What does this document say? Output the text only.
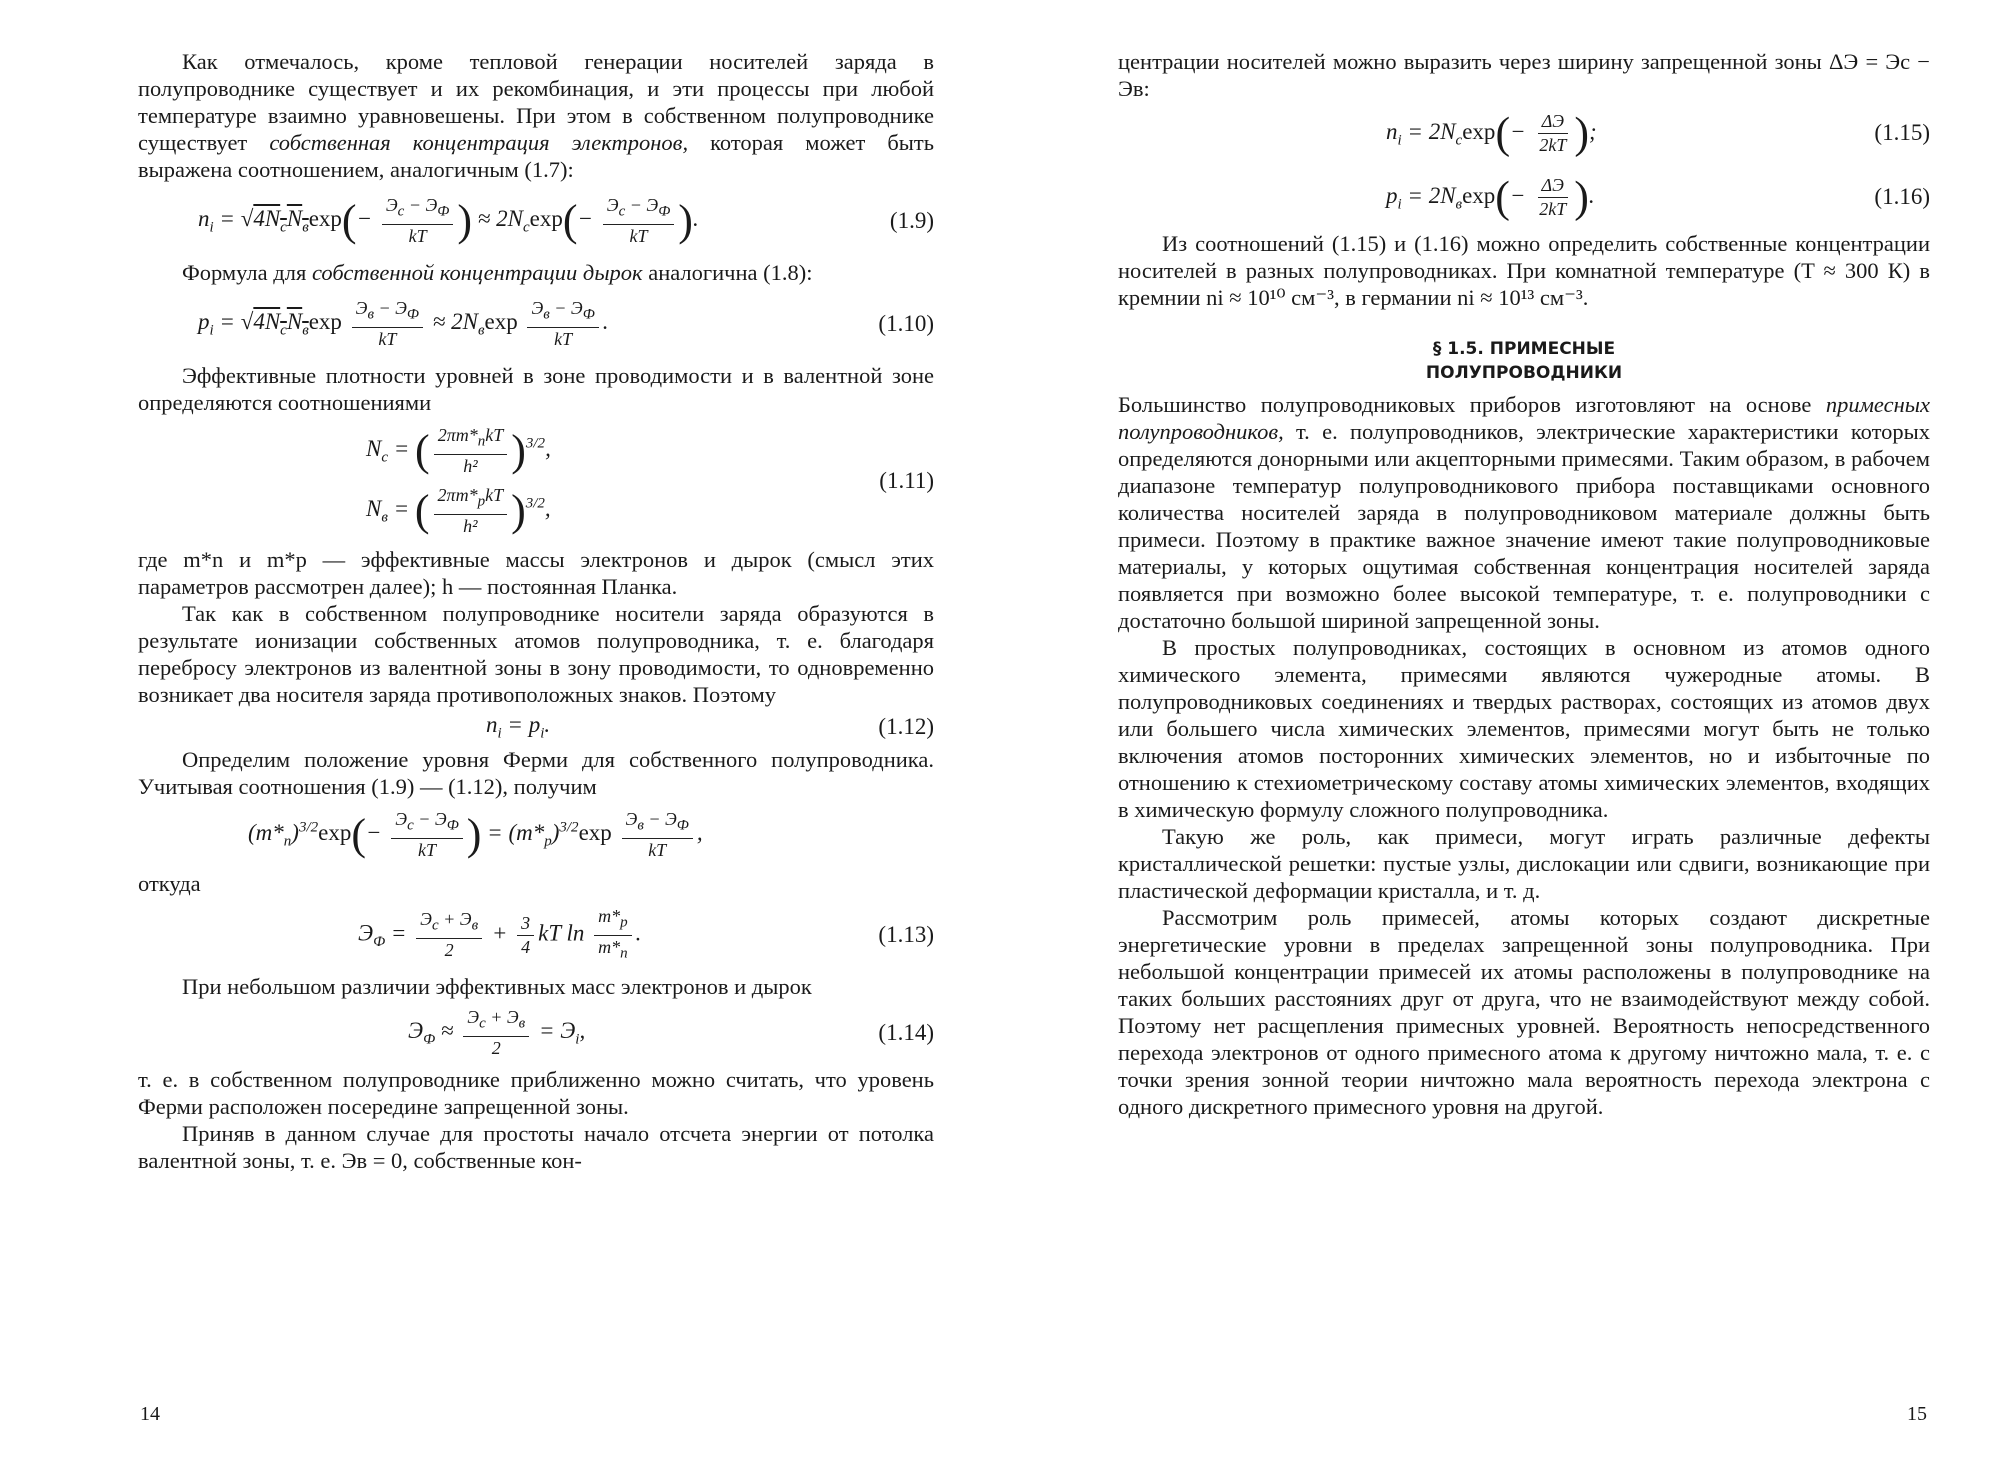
Как отмечалось, кроме тепловой генерации носителей заряда в полупроводнике существует и их рекомбинация, и эти процессы при любой температуре взаимно уравновешены. При этом в собственном полупроводнике существует собственная концентрация электронов, которая может быть выражена соотношением, аналогичным (1.7):

$n_i = √4N_cN_в\exp(- \frac{Э_c - Э_Ф}{kT}$ ) ≈ $2N_c\exp(- \frac{Э_c - Э_Ф}{kT}$ ).	(1.9)

Формула для собственной концентрации дырок аналогична (1.8):

$p_i = √4N_cN_в\exp \frac{Э_в - Э_Ф}{kT} \approx 2N_в\exp \frac{Э_в - Э_Ф}{kT}$ .	(1.10)

Эффективные плотности уровней в зоне проводимости и в валентной зоне определяются соотношениями

$N_c$ = ( $\frac{2\pi m*_nkT}{\text{h²}} )^{3/2}$,
$N_в$ = ( $\frac{2\pi m*_pkT}{\text{h²}} )^{3/2}$,
(1.11)

где m*n и m*p — эффективные массы электронов и дырок (смысл этих параметров рассмотрен далее); h — постоянная Планка.

Так как в собственном полупроводнике носители заряда образуются в результате ионизации собственных атомов полупроводника, т. е. благодаря перебросу электронов из валентной зоны в зону проводимости, то одновременно возникает два носителя заряда противоположных знаков. Поэтому

$n_i = p_i$.	(1.12)

Определим положение уровня Ферми для собственного полупроводника. Учитывая соотношения (1.9) — (1.12), получим

$(m*_n)^{3/2}\exp(- \frac{Э_c - Э_Ф}{kT}$ ) = $(m*_p)^{3/2}\exp \frac{Э_в - Э_Ф}{kT}$ ,

откуда

$Э_Ф = \frac{Э_c + Э_в}{2} + \frac{3}{4}$ kT $\ln \frac{m*_p}{m*_n}$ .	(1.13)

При небольшом различии эффективных масс электронов и дырок

$Э_Ф \approx \frac{Э_c + Э_в}{2} = Э_i$,	(1.14)

т. е. в собственном полупроводнике приближенно можно считать, что уровень Ферми расположен посередине запрещенной зоны.

Приняв в данном случае для простоты начало отсчета энергии от потолка валентной зоны, т. е. Эв = 0, собственные кон-

14

центрации носителей можно выразить через ширину запрещенной зоны ΔЭ = Эс − Эв:

$n_i = 2N_c\exp(- \frac{\Delta Э}{2kT}$ );	(1.15)
$p_i = 2N_в\exp(- \frac{\Delta Э}{2kT}$ ).	(1.16)

Из соотношений (1.15) и (1.16) можно определить собственные концентрации носителей в разных полупроводниках. При комнатной температуре (T ≈ 300 К) в кремнии ni ≈ 10¹⁰ см⁻³, в германии ni ≈ 10¹³ см⁻³.

§ 1.5. ПРИМЕСНЫЕ
ПОЛУПРОВОДНИКИ

Большинство полупроводниковых приборов изготовляют на основе примесных полупроводников, т. е. полупроводников, электрические характеристики которых определяются донорными или акцепторными примесями. Таким образом, в рабочем диапазоне температур полупроводникового прибора поставщиками основного количества носителей заряда в полупроводниковом материале должны быть примеси. Поэтому в практике важное значение имеют такие полупроводниковые материалы, у которых ощутимая собственная концентрация носителей заряда появляется при возможно более высокой температуре, т. е. полупроводники с достаточно большой шириной запрещенной зоны.

В простых полупроводниках, состоящих в основном из атомов одного химического элемента, примесями являются чужеродные атомы. В полупроводниковых соединениях и твердых растворах, состоящих из атомов двух или большего числа химических элементов, примесями могут быть не только включения атомов посторонних химических элементов, но и избыточные по отношению к стехиометрическому составу атомы химических элементов, входящих в химическую формулу сложного полупроводника.

Такую же роль, как примеси, могут играть различные дефекты кристаллической решетки: пустые узлы, дислокации или сдвиги, возникающие при пластической деформации кристалла, и т. д.

Рассмотрим роль примесей, атомы которых создают дискретные энергетические уровни в пределах запрещенной зоны полупроводника. При небольшой концентрации примесей их атомы расположены в полупроводнике на таких больших расстояниях друг от друга, что не взаимодействуют между собой. Поэтому нет расщепления примесных уровней. Вероятность непосредственного перехода электронов от одного примесного атома к другому ничтожно мала, т. е. с точки зрения зонной теории ничтожно мала вероятность перехода электрона с одного дискретного примесного уровня на другой.

15
